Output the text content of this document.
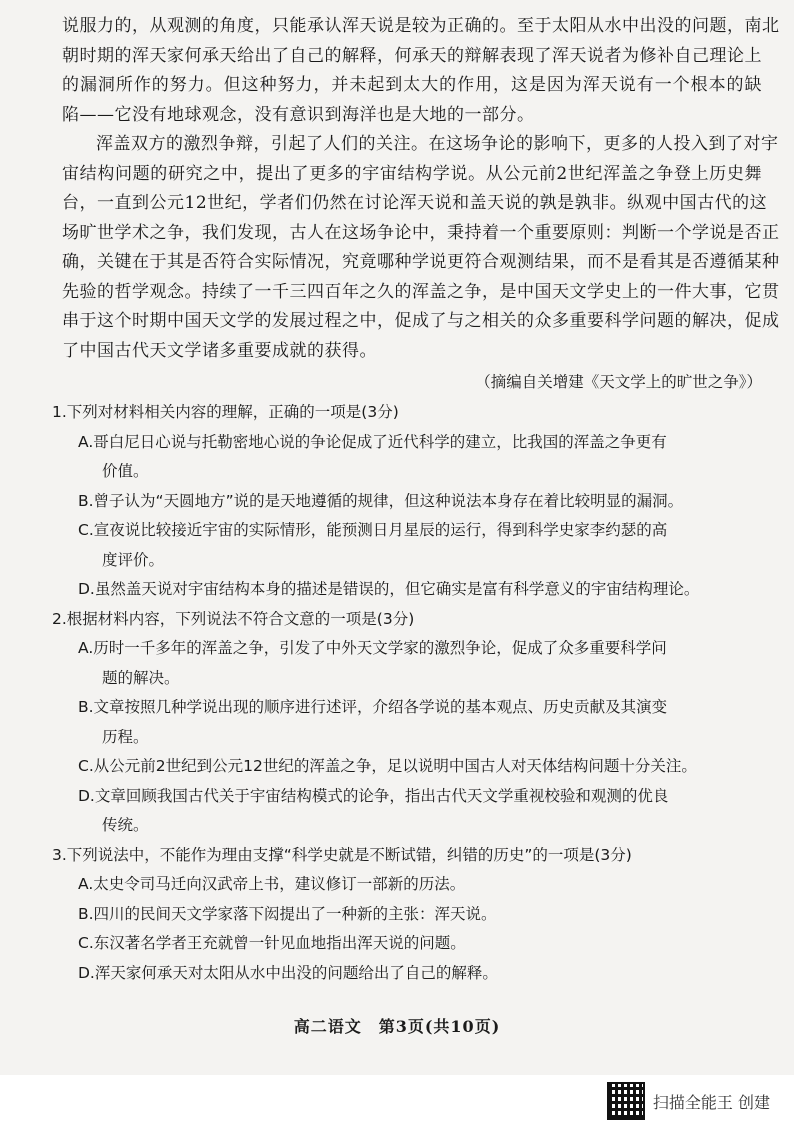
说服力的，从观测的角度，只能承认浑天说是较为正确的。至于太阳从水中出没的问题，南北

朝时期的浑天家何承天给出了自己的解释，何承天的辩解表现了浑天说者为修补自己理论上

的漏洞所作的努力。但这种努力，并未起到太大的作用，这是因为浑天说有一个根本的缺

陷——它没有地球观念，没有意识到海洋也是大地的一部分。

浑盖双方的激烈争辩，引起了人们的关注。在这场争论的影响下，更多的人投入到了对宇

宙结构问题的研究之中，提出了更多的宇宙结构学说。从公元前2世纪浑盖之争登上历史舞

台，一直到公元12世纪，学者们仍然在讨论浑天说和盖天说的孰是孰非。纵观中国古代的这

场旷世学术之争，我们发现，古人在这场争论中，秉持着一个重要原则：判断一个学说是否正

确，关键在于其是否符合实际情况，究竟哪种学说更符合观测结果，而不是看其是否遵循某种

先验的哲学观念。持续了一千三四百年之久的浑盖之争，是中国天文学史上的一件大事，它贯

串于这个时期中国天文学的发展过程之中，促成了与之相关的众多重要科学问题的解决，促成

了中国古代天文学诸多重要成就的获得。

（摘编自关增建《天文学上的旷世之争》）

1.下列对材料相关内容的理解，正确的一项是(3分)

A.哥白尼日心说与托勒密地心说的争论促成了近代科学的建立，比我国的浑盖之争更有

价值。

B.曾子认为“天圆地方”说的是天地遵循的规律，但这种说法本身存在着比较明显的漏洞。

C.宣夜说比较接近宇宙的实际情形，能预测日月星辰的运行，得到科学史家李约瑟的高

度评价。

D.虽然盖天说对宇宙结构本身的描述是错误的，但它确实是富有科学意义的宇宙结构理论。

2.根据材料内容，下列说法不符合文意的一项是(3分)

A.历时一千多年的浑盖之争，引发了中外天文学家的激烈争论，促成了众多重要科学问

题的解决。

B.文章按照几种学说出现的顺序进行述评，介绍各学说的基本观点、历史贡献及其演变

历程。

C.从公元前2世纪到公元12世纪的浑盖之争，足以说明中国古人对天体结构问题十分关注。

D.文章回顾我国古代关于宇宙结构模式的论争，指出古代天文学重视校验和观测的优良

传统。

3.下列说法中，不能作为理由支撑“科学史就是不断试错，纠错的历史”的一项是(3分)

A.太史令司马迁向汉武帝上书，建议修订一部新的历法。

B.四川的民间天文学家落下闳提出了一种新的主张：浑天说。

C.东汉著名学者王充就曾一针见血地指出浑天说的问题。

D.浑天家何承天对太阳从水中出没的问题给出了自己的解释。

高二语文　第3页(共10页)
扫描全能王 创建
